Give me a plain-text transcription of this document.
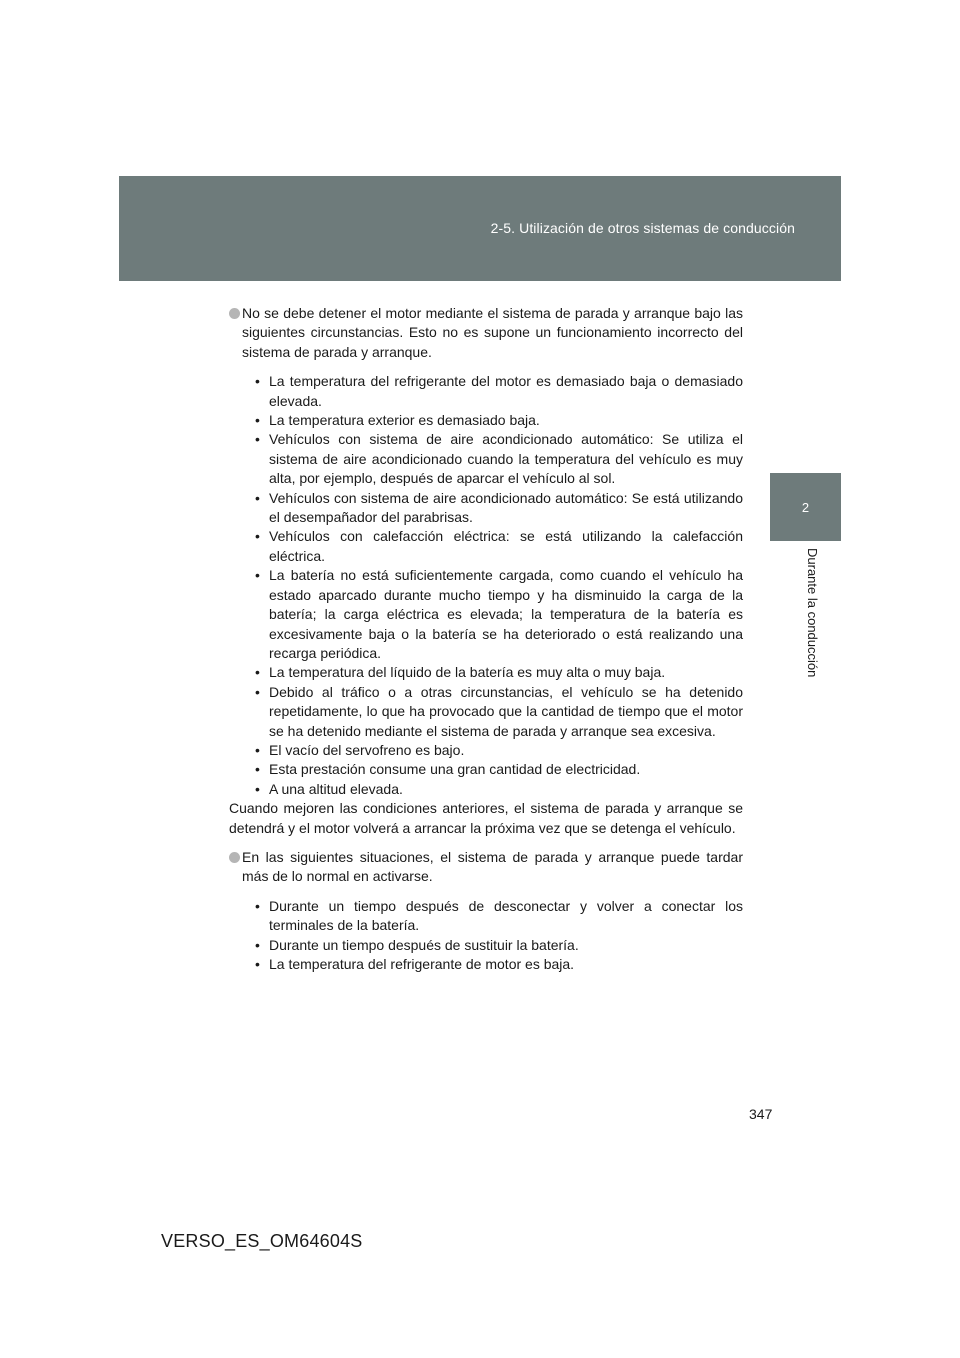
2-5. Utilización de otros sistemas de conducción
2
Durante la conducción
No se debe detener el motor mediante el sistema de parada y arranque bajo las siguientes circunstancias. Esto no es supone un funcionamiento incorrecto del sistema de parada y arranque.
• La temperatura del refrigerante del motor es demasiado baja o demasiado elevada.
• La temperatura exterior es demasiado baja.
• Vehículos con sistema de aire acondicionado automático: Se utiliza el sistema de aire acondicionado cuando la temperatura del vehículo es muy alta, por ejemplo, después de aparcar el vehículo al sol.
• Vehículos con sistema de aire acondicionado automático: Se está utilizando el desempañador del parabrisas.
• Vehículos con calefacción eléctrica: se está utilizando la calefacción eléctrica.
• La batería no está suficientemente cargada, como cuando el vehículo ha estado aparcado durante mucho tiempo y ha disminuido la carga de la batería; la carga eléctrica es elevada; la temperatura de la batería es excesivamente baja o la batería se ha deteriorado o está realizando una recarga periódica.
• La temperatura del líquido de la batería es muy alta o muy baja.
• Debido al tráfico o a otras circunstancias, el vehículo se ha detenido repetidamente, lo que ha provocado que la cantidad de tiempo que el motor se ha detenido mediante el sistema de parada y arranque sea excesiva.
• El vacío del servofreno es bajo.
• Esta prestación consume una gran cantidad de electricidad.
• A una altitud elevada.

Cuando mejoren las condiciones anteriores, el sistema de parada y arranque se detendrá y el motor volverá a arrancar la próxima vez que se detenga el vehículo.

En las siguientes situaciones, el sistema de parada y arranque puede tardar más de lo normal en activarse.
• Durante un tiempo después de desconectar y volver a conectar los terminales de la batería.
• Durante un tiempo después de sustituir la batería.
• La temperatura del refrigerante de motor es baja.
347
VERSO_ES_OM64604S
